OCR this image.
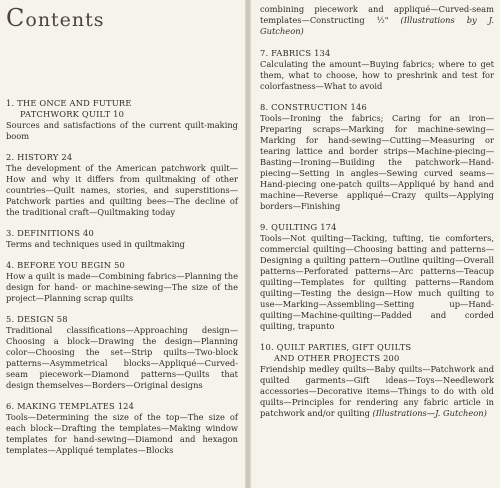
Contents
1. THE ONCE AND FUTURE
PATCHWORK QUILT 10
Sources and satisfactions of the current quilt-making boom
2. HISTORY 24
The development of the American patchwork quilt—How and why it differs from quiltmaking of other countries—Quilt names, stories, and superstitions—Patchwork parties and quilting bees—The decline of the traditional craft—Quiltmaking today
3. DEFINITIONS 40
Terms and techniques used in quiltmaking
4. BEFORE YOU BEGIN 50
How a quilt is made—Combining fabrics—Planning the design for hand- or machine-sewing—The size of the project—Planning scrap quilts
5. DESIGN 58
Traditional classifications—Approaching design—Choosing a block—Drawing the design—Planning color—Choosing the set—Strip quilts—Two-block patterns—Asymmetrical blocks—Appliqué—Curved-seam piecework—Diamond patterns—Quilts that design themselves—Borders—Original designs
6. MAKING TEMPLATES 124
Tools—Determining the size of the top—The size of each block—Drafting the templates—Making window templates for hand-sewing—Diamond and hexagon templates—Appliqué templates—Blocks
combining piecework and appliqué—Curved-seam templates—Constructing ½" (Illustrations by J. Gutcheon)
7. FABRICS 134
Calculating the amount—Buying fabrics; where to get them, what to choose, how to preshrink and test for colorfastness—What to avoid
8. CONSTRUCTION 146
Tools—Ironing the fabrics; Caring for an iron—Preparing scraps—Marking for machine-sewing—Marking for hand-sewing—Cutting—Measuring or tearing lattice and border strips—Machine-piecing—Basting—Ironing—Building the patchwork—Hand-piecing—Setting in angles—Sewing curved seams—Hand-piecing one-patch quilts—Appliqué by hand and machine—Reverse appliqué—Crazy quilts—Applying borders—Finishing
9. QUILTING 174
Tools—Not quilting—Tacking, tufting, tie comforters, commercial quilting—Choosing batting and patterns—Designing a quilting pattern—Outline quilting—Overall patterns—Perforated patterns—Arc patterns—Teacup quilting—Templates for quilting patterns—Random quilting—Testing the design—How much quilting to use—Marking—Assembling—Setting up—Hand-quilting—Machine-quilting—Padded and corded quilting, trapunto
10. QUILT PARTIES, GIFT QUILTS
AND OTHER PROJECTS 200
Friendship medley quilts—Baby quilts—Patchwork and quilted garments—Gift ideas—Toys—Needlework accessories—Decorative items—Things to do with old quilts—Principles for rendering any fabric article in patchwork and/or quilting (Illustrations—J. Gutcheon)
